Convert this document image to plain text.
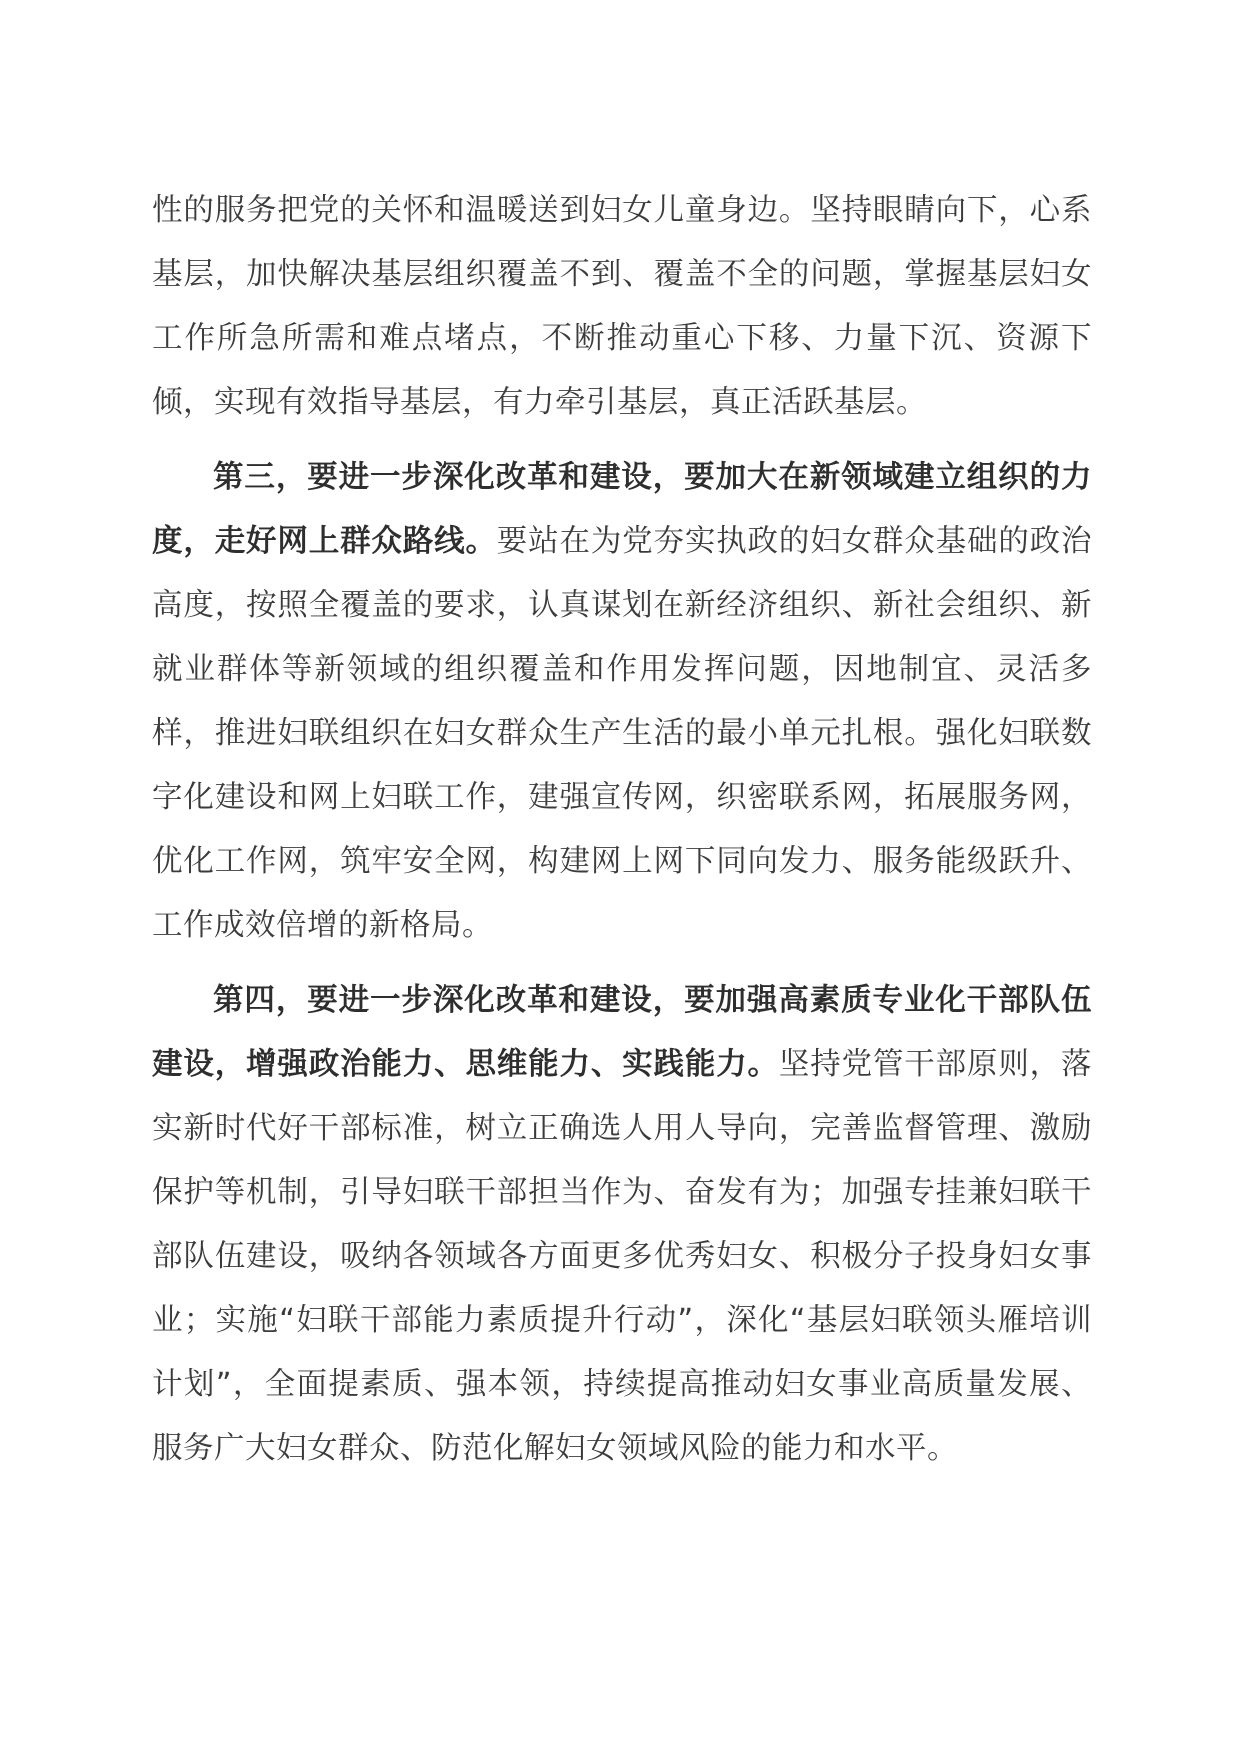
性的服务把党的关怀和温暖送到妇女儿童身边。坚持眼睛向下，心系基层，加快解决基层组织覆盖不到、覆盖不全的问题，掌握基层妇女工作所急所需和难点堵点，不断推动重心下移、力量下沉、资源下倾，实现有效指导基层，有力牵引基层，真正活跃基层。

第三，要进一步深化改革和建设，要加大在新领域建立组织的力度，走好网上群众路线。要站在为党夯实执政的妇女群众基础的政治高度，按照全覆盖的要求，认真谋划在新经济组织、新社会组织、新就业群体等新领域的组织覆盖和作用发挥问题，因地制宜、灵活多样，推进妇联组织在妇女群众生产生活的最小单元扎根。强化妇联数字化建设和网上妇联工作，建强宣传网，织密联系网，拓展服务网，优化工作网，筑牢安全网，构建网上网下同向发力、服务能级跃升、工作成效倍增的新格局。

第四，要进一步深化改革和建设，要加强高素质专业化干部队伍建设，增强政治能力、思维能力、实践能力。坚持党管干部原则，落实新时代好干部标准，树立正确选人用人导向，完善监督管理、激励保护等机制，引导妇联干部担当作为、奋发有为；加强专挂兼妇联干部队伍建设，吸纳各领域各方面更多优秀妇女、积极分子投身妇女事业；实施“妇联干部能力素质提升行动”，深化“基层妇联领头雁培训计划”，全面提素质、强本领，持续提高推动妇女事业高质量发展、服务广大妇女群众、防范化解妇女领域风险的能力和水平。
